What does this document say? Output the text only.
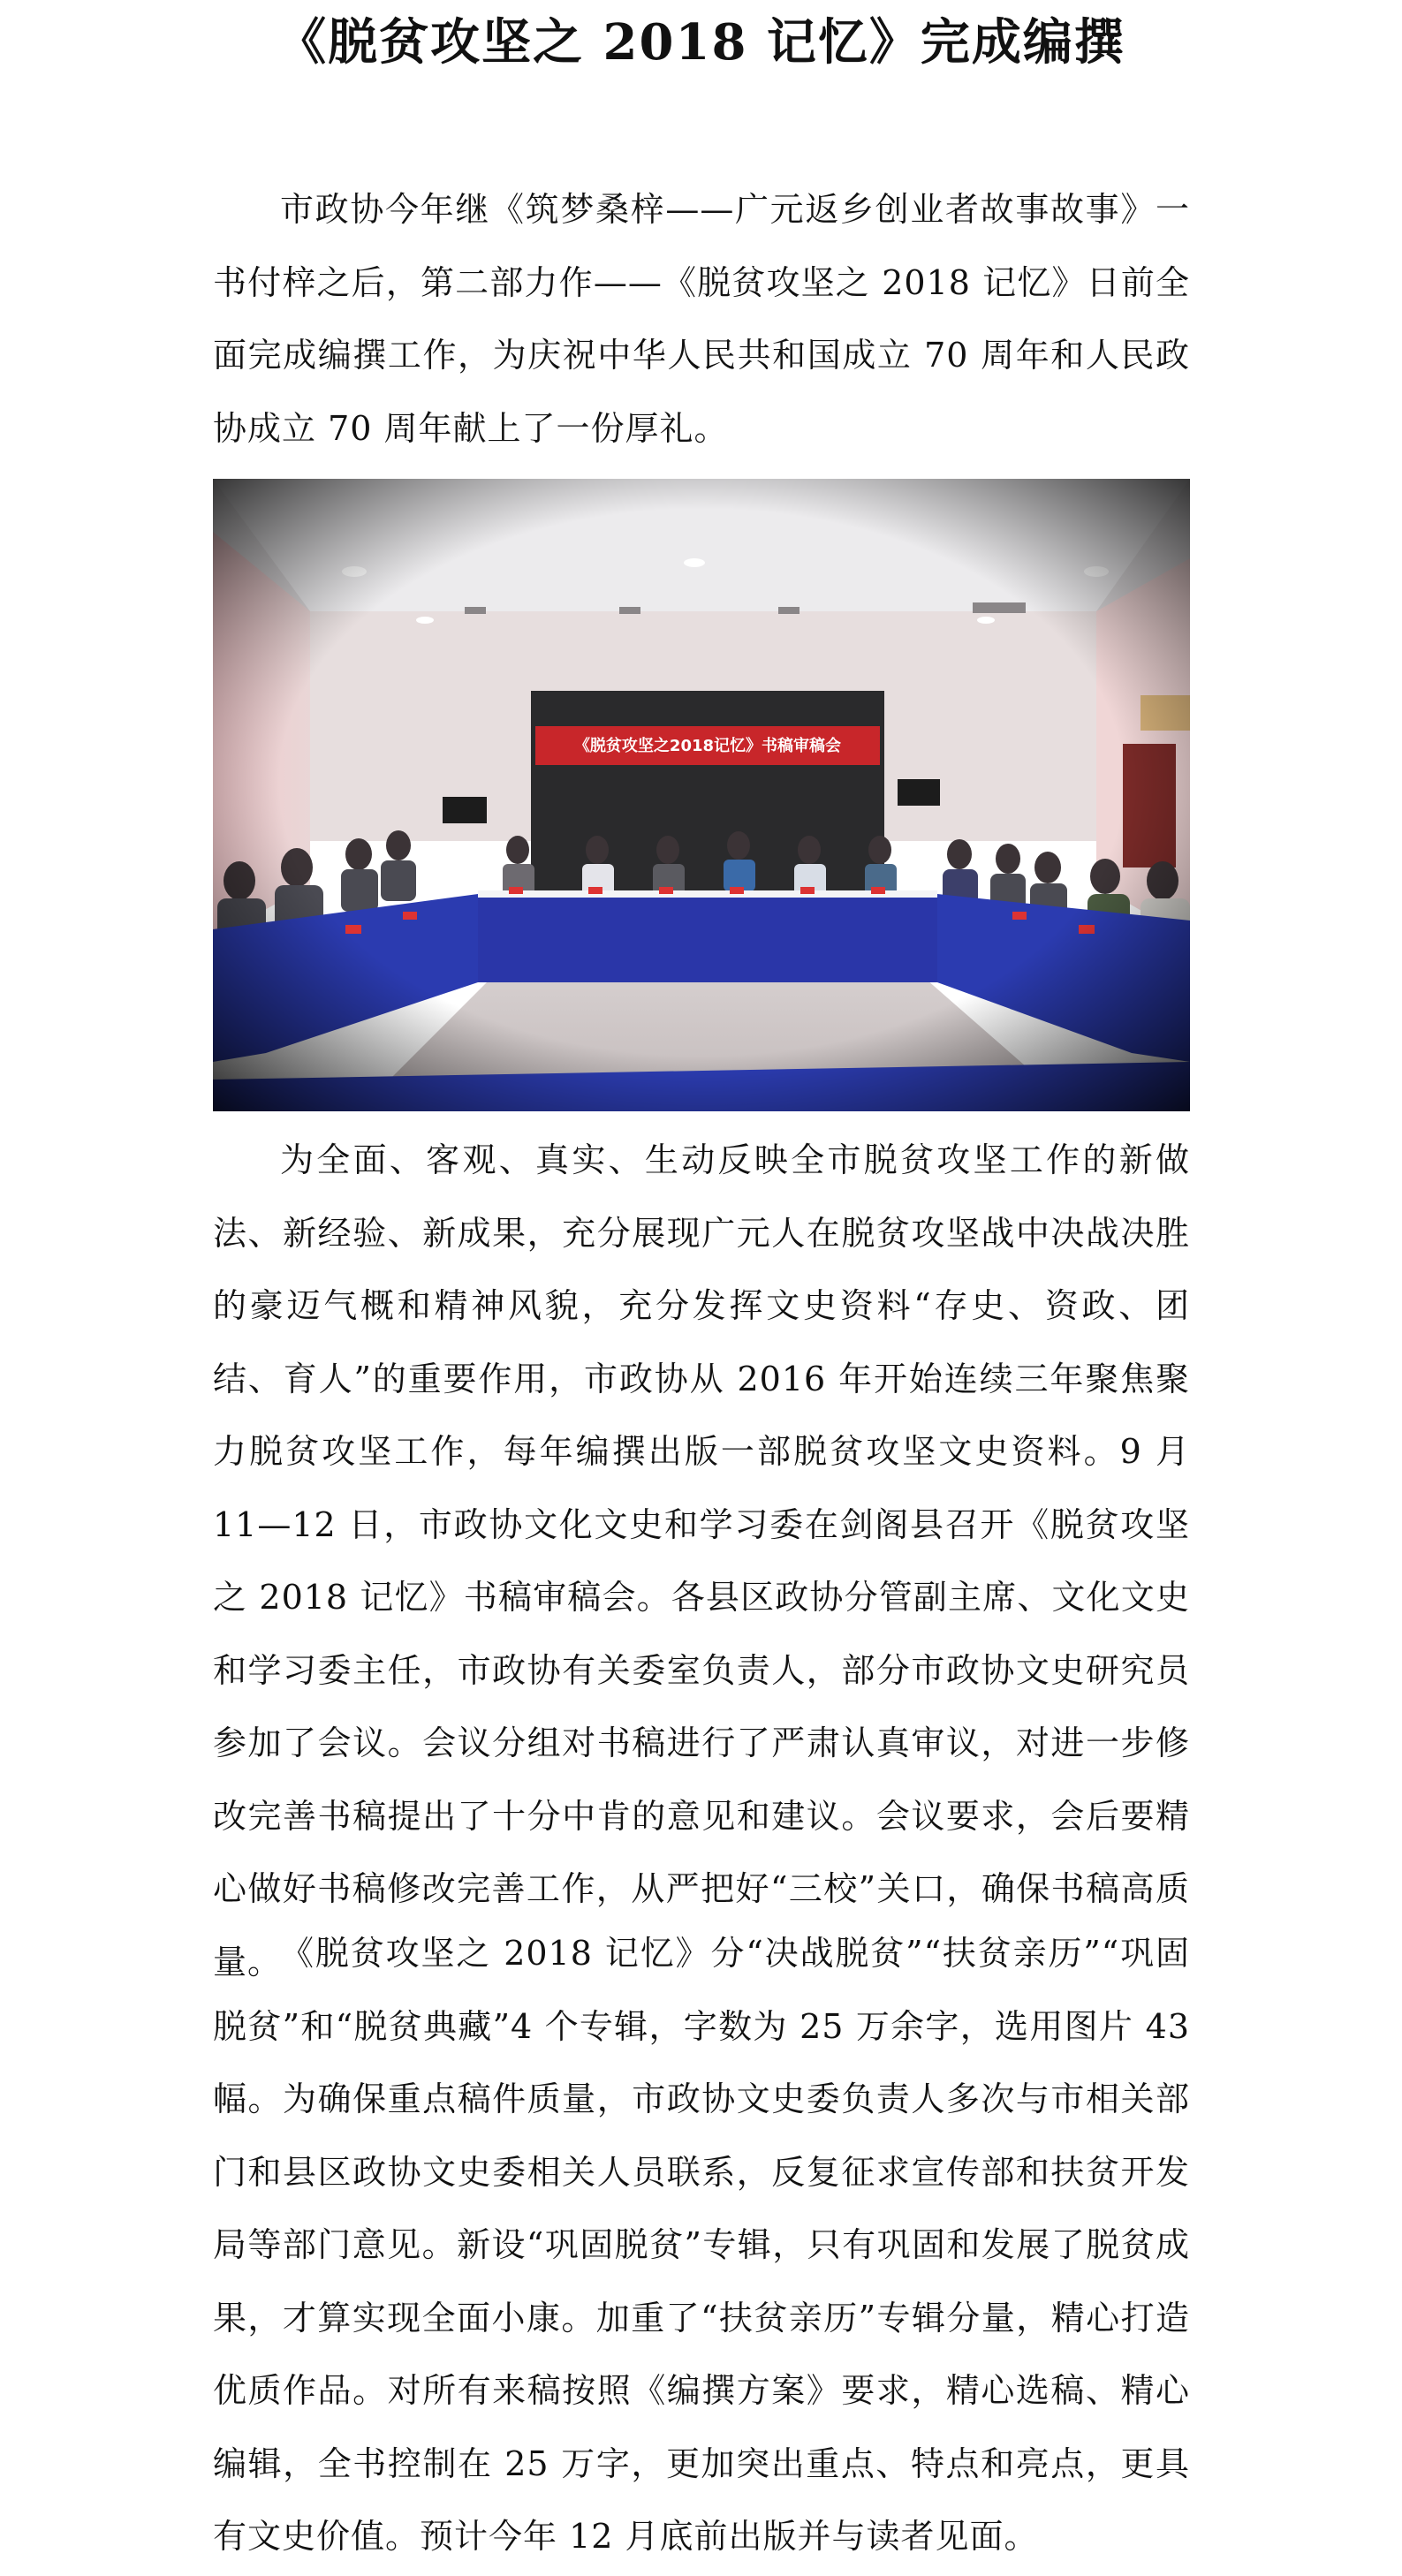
《脱贫攻坚之 2018 记忆》完成编撰

市政协今年继《筑梦桑梓——广元返乡创业者故事故事》一书付梓之后，第二部力作——《脱贫攻坚之 2018 记忆》日前全面完成编撰工作，为庆祝中华人民共和国成立 70 周年和人民政协成立 70 周年献上了一份厚礼。

为全面、客观、真实、生动反映全市脱贫攻坚工作的新做法、新经验、新成果，充分展现广元人在脱贫攻坚战中决战决胜的豪迈气概和精神风貌，充分发挥文史资料“存史、资政、团结、育人”的重要作用，市政协从 2016 年开始连续三年聚焦聚力脱贫攻坚工作，每年编撰出版一部脱贫攻坚文史资料。9 月 11—12 日，市政协文化文史和学习委在剑阁县召开《脱贫攻坚之 2018 记忆》书稿审稿会。各县区政协分管副主席、文化文史和学习委主任，市政协有关委室负责人，部分市政协文史研究员参加了会议。会议分组对书稿进行了严肃认真审议，对进一步修改完善书稿提出了十分中肯的意见和建议。会议要求，会后要精心做好书稿修改完善工作，从严把好“三校”关口，确保书稿高质量。

《脱贫攻坚之 2018 记忆》分“决战脱贫”“扶贫亲历”“巩固脱贫”和“脱贫典藏”4 个专辑，字数为 25 万余字，选用图片 43 幅。为确保重点稿件质量，市政协文史委负责人多次与市相关部门和县区政协文史委相关人员联系，反复征求宣传部和扶贫开发局等部门意见。新设“巩固脱贫”专辑，只有巩固和发展了脱贫成果，才算实现全面小康。加重了“扶贫亲历”专辑分量，精心打造优质作品。对所有来稿按照《编撰方案》要求，精心选稿、精心编辑，全书控制在 25 万字，更加突出重点、特点和亮点，更具有文史价值。预计今年 12 月底前出版并与读者见面。
